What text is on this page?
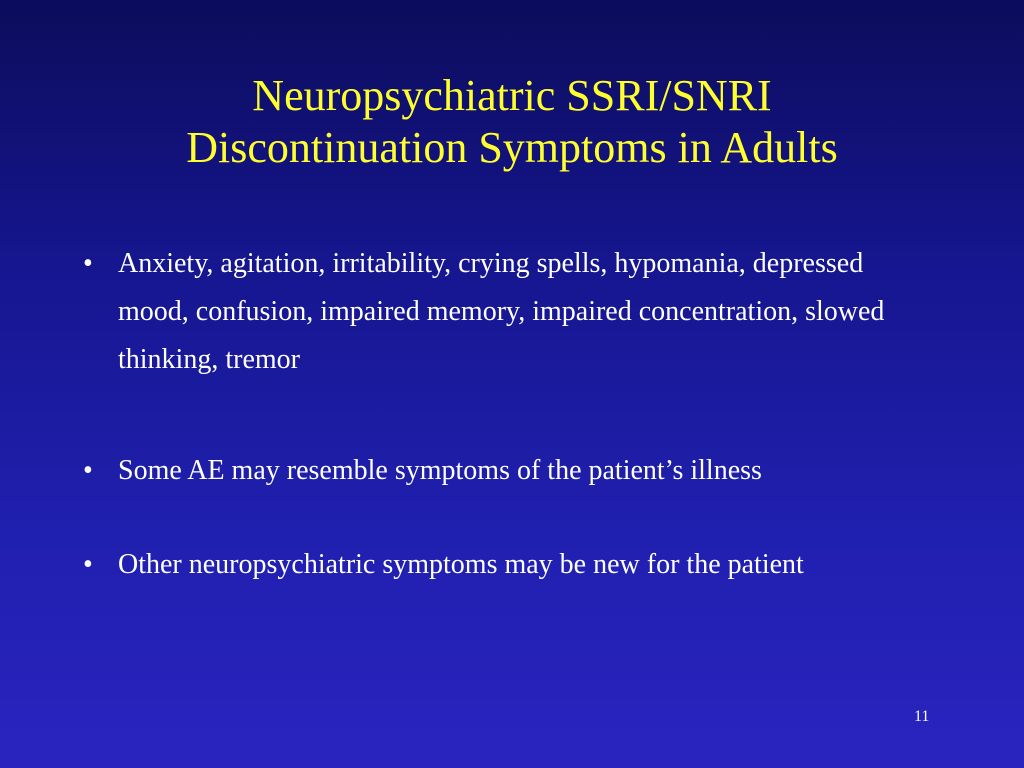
Neuropsychiatric SSRI/SNRI
Discontinuation Symptoms in Adults
• Anxiety, agitation, irritability, crying spells, hypomania, depressed mood, confusion, impaired memory, impaired concentration, slowed thinking, tremor
• Some AE may resemble symptoms of the patient’s illness
• Other neuropsychiatric symptoms may be new for the patient
11
